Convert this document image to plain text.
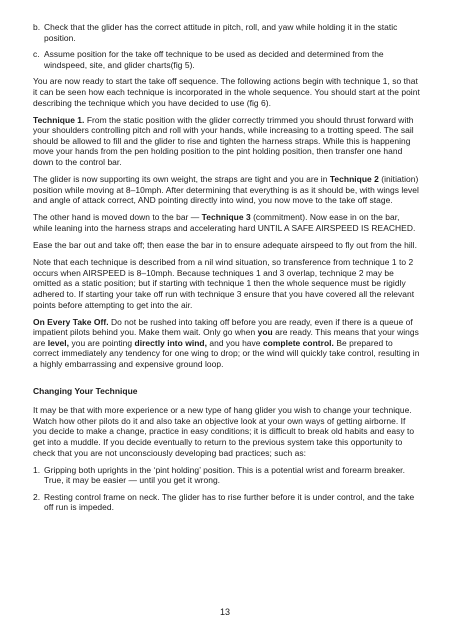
b. Check that the glider has the correct attitude in pitch, roll, and yaw while holding it in the static position.
c. Assume position for the take off technique to be used as decided and determined from the windspeed, site, and glider charts(fig 5).

You are now ready to start the take off sequence. The following actions begin with technique 1, so that it can be seen how each technique is incorporated in the whole sequence. You should start at the point describing the technique which you have decided to use (fig 6).

Technique 1. From the static position with the glider correctly trimmed you should thrust forward with your shoulders controlling pitch and roll with your hands, while increasing to a trotting speed. The sail should be allowed to fill and the glider to rise and tighten the harness straps. While this is happening move your hands from the pen holding position to the pint holding position, then transfer one hand down to the control bar.

The glider is now supporting its own weight, the straps are tight and you are in Technique 2 (initiation) position while moving at 8–10mph. After determining that everything is as it should be, with wings level and angle of attack correct, AND pointing directly into wind, you now move to the take off stage.

The other hand is moved down to the bar — Technique 3 (commitment). Now ease in on the bar, while leaning into the harness straps and accelerating hard UNTIL A SAFE AIRSPEED IS REACHED.

Ease the bar out and take off; then ease the bar in to ensure adequate airspeed to fly out from the hill.

Note that each technique is described from a nil wind situation, so transference from technique 1 to 2 occurs when AIRSPEED is 8–10mph. Because techniques 1 and 3 overlap, technique 2 may be omitted as a static position; but if starting with technique 1 then the whole sequence must be rigidly adhered to. If starting your take off run with technique 3 ensure that you have covered all the relevant points before attempting to get into the air.

On Every Take Off. Do not be rushed into taking off before you are ready, even if there is a queue of impatient pilots behind you. Make them wait. Only go when you are ready. This means that your wings are level, you are pointing directly into wind, and you have complete control. Be prepared to correct immediately any tendency for one wing to drop; or the wind will quickly take control, resulting in a highly embarrassing and expensive ground loop.

Changing Your Technique

It may be that with more experience or a new type of hang glider you wish to change your technique. Watch how other pilots do it and also take an objective look at your own ways of getting airborne. If you decide to make a change, practice in easy conditions; it is difficult to break old habits and easy to get into a muddle. If you decide eventually to return to the previous system take this opportunity to check that you are not unconsciously developing bad practices; such as:

1. Gripping both uprights in the ‘pint holding’ position. This is a potential wrist and forearm breaker. True, it may be easier — until you get it wrong.
2. Resting control frame on neck. The glider has to rise further before it is under control, and the take off run is impeded.
13
